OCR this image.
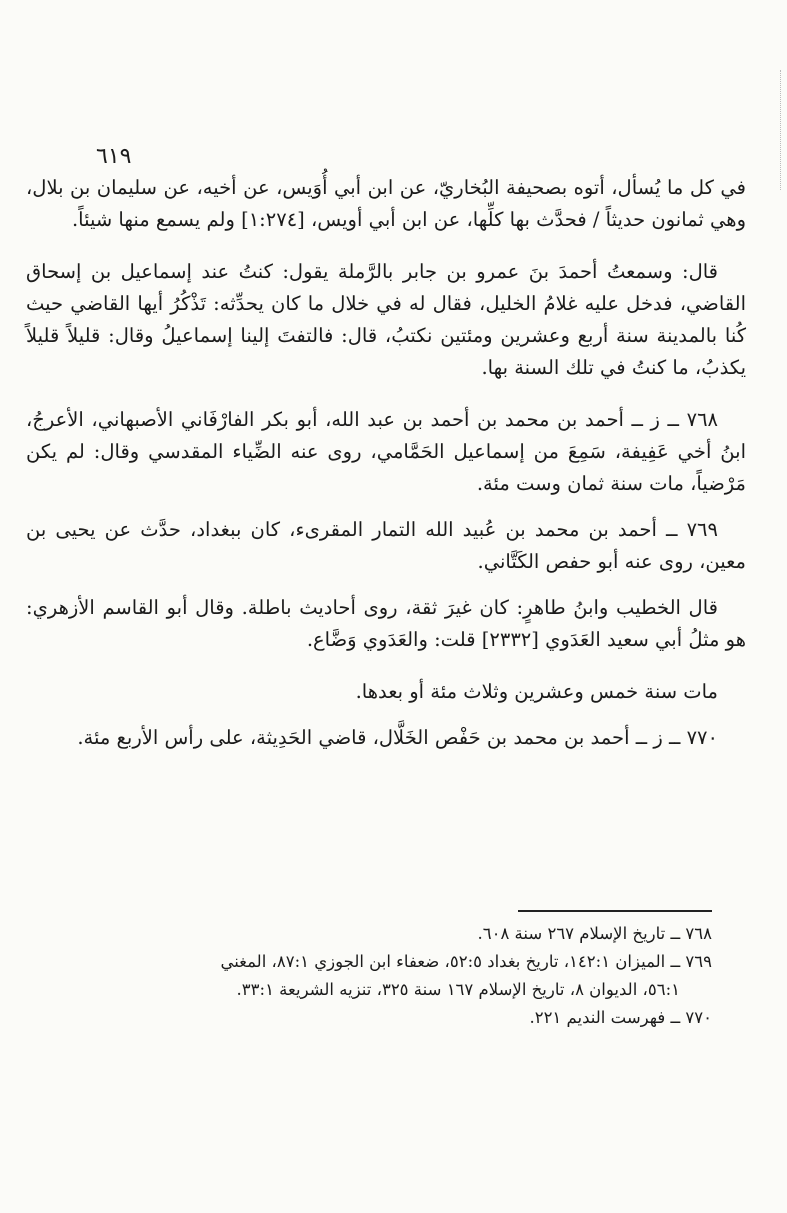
٦١٩

في كل ما يُسأل، أتوه بصحيفة البُخاريّ، عن ابن أبي أُوَيس، عن أخيه، عن سليمان بن بلال، وهي ثمانون حديثاً / فحدَّث بها كلِّها، عن ابن أبي أويس، [١:٢٧٤] ولم يسمع منها شيئاً.

قال: وسمعتُ أحمدَ بنَ عمرو بن جابر بالرَّملة يقول: كنتُ عند إسماعيل بن إسحاق القاضي، فدخل عليه غلامُ الخليل، فقال له في خلال ما كان يحدِّثه: تَذْكُرُ أيها القاضي حيث كُنا بالمدينة سنة أربع وعشرين ومئتين نكتبُ، قال: فالتفتَ إلينا إسماعيلُ وقال: قليلاً قليلاً يكذبُ، ما كنتُ في تلك السنة بها.

٧٦٨ ــ ز ــ أحمد بن محمد بن أحمد بن عبد الله، أبو بكر الفارْفَاني الأصبهاني، الأعرجُ، ابنُ أخي عَفِيفة، سَمِعَ من إسماعيل الحَمَّامي، روى عنه الضِّياء المقدسي وقال: لم يكن مَرْضياً، مات سنة ثمان وست مئة.

٧٦٩ ــ أحمد بن محمد بن عُبيد الله التمار المقرىء، كان ببغداد، حدَّث عن يحيى بن معين، روى عنه أبو حفص الكَتَّاني.

قال الخطيب وابنُ طاهرٍ: كان غيرَ ثقة، روى أحاديث باطلة. وقال أبو القاسم الأزهري: هو مثلُ أبي سعيد العَدَوي [٢٣٣٢] قلت: والعَدَوي وَضَّاع.

مات سنة خمس وعشرين وثلاث مئة أو بعدها.

٧٧٠ ــ ز ــ أحمد بن محمد بن حَفْص الخَلَّال، قاضي الحَدِيثة، على رأس الأربع مئة.

٧٦٨ ــ تاريخ الإسلام ٢٦٧ سنة ٦٠٨.

٧٦٩ ــ الميزان ١٤٢:١، تاريخ بغداد ٥٢:٥، ضعفاء ابن الجوزي ٨٧:١، المغني

٥٦:١، الديوان ٨، تاريخ الإسلام ١٦٧ سنة ٣٢٥، تنزيه الشريعة ٣٣:١.

٧٧٠ ــ فهرست النديم ٢٢١.
